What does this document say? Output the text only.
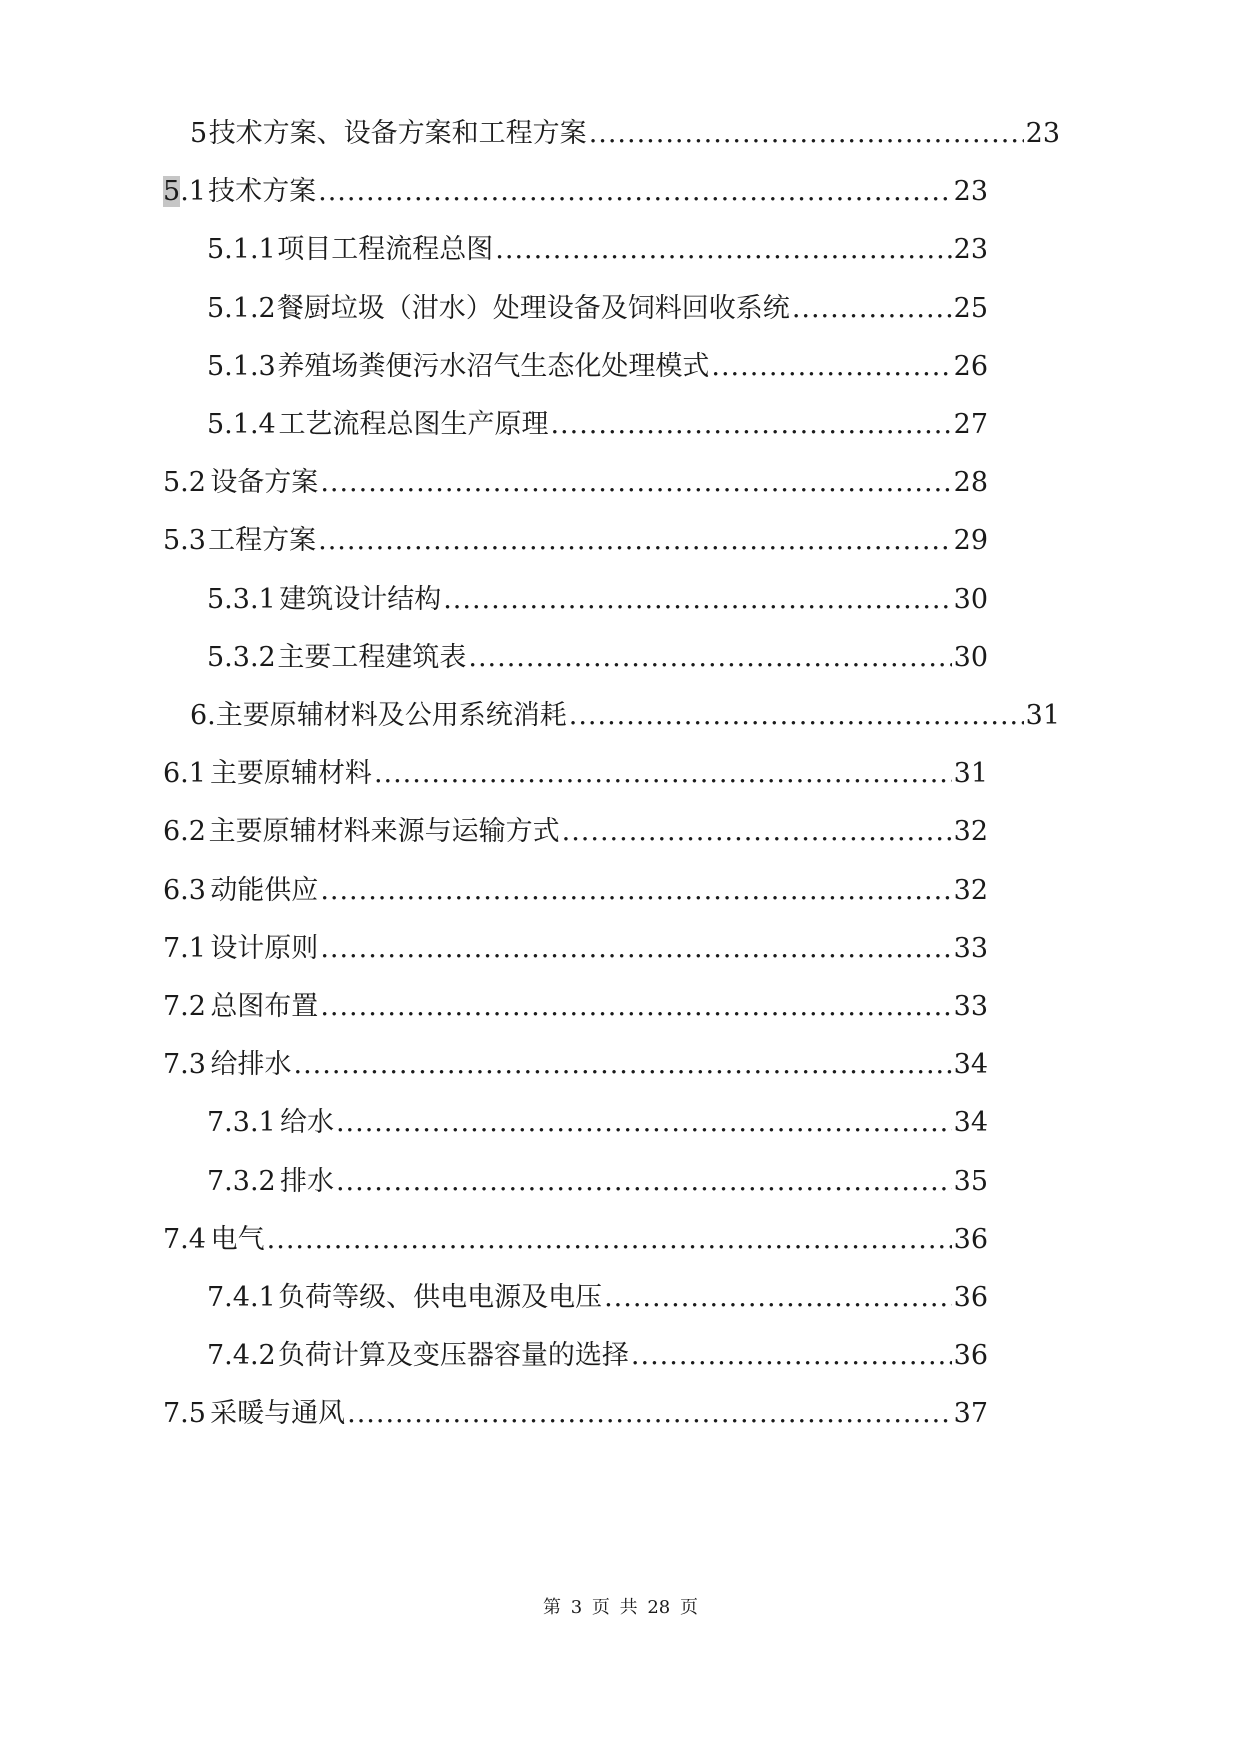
5 技术方案、设备方案和工程方案 .....	23
5.1 技术方案 .....	23
5.1.1 项目工程流程总图 .....	23
5.1.2 餐厨垃圾（泔水）处理设备及饲料回收系统 .....	25
5.1.3 养殖场粪便污水沼气生态化处理模式 .....	26
5.1.4 工艺流程总图生产原理 .....	27
5.2 设备方案 .....	28
5.3 工程方案 .....	29
5.3.1 建筑设计结构 .....	30
5.3.2 主要工程建筑表 .....	30
6. 主要原辅材料及公用系统消耗 .....	31
6.1 主要原辅材料 .....	31
6.2 主要原辅材料来源与运输方式 .....	32
6.3 动能供应 .....	32
7.1 设计原则 .....	33
7.2 总图布置 .....	33
7.3 给排水 .....	34
7.3.1 给水 .....	34
7.3.2 排水 .....	35
7.4 电气 .....	36
7.4.1 负荷等级、供电电源及电压 .....	36
7.4.2 负荷计算及变压器容量的选择 .....	36
7.5 采暖与通风 .....	37
第 3 页 共 28 页
